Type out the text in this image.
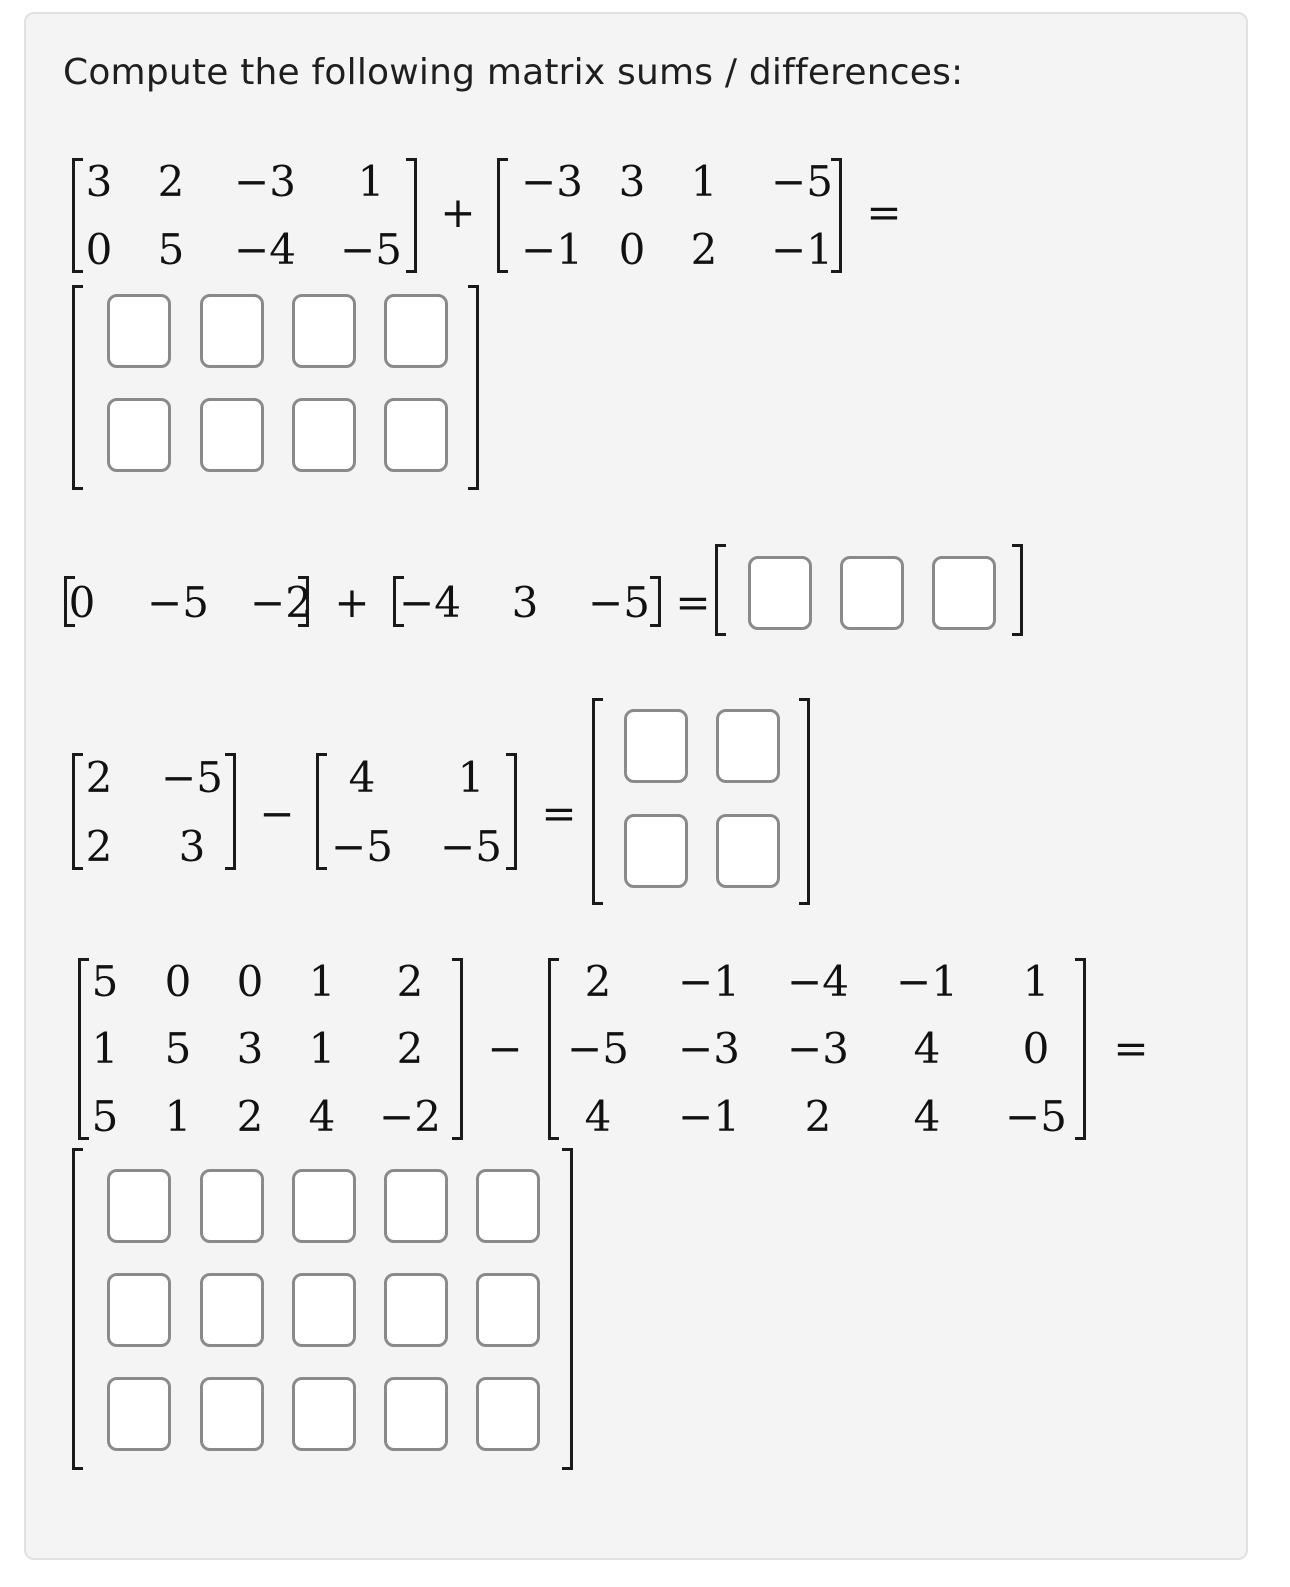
Compute the following matrix sums / differences:
3 2 −3 1
0 5 −4 −5
+
−3 3 1 −5
−1 0 2 −1
=
0 −5 −2 + −4 3 −5 =
2 −5
2 3
−
4 1
−5 −5
=
5 0 0 1 2
1 5 3 1 2
5 1 2 4 −2
−
2 −1 −4 −1 1
−5 −3 −3 4 0
4 −1 2 4 −5
=
